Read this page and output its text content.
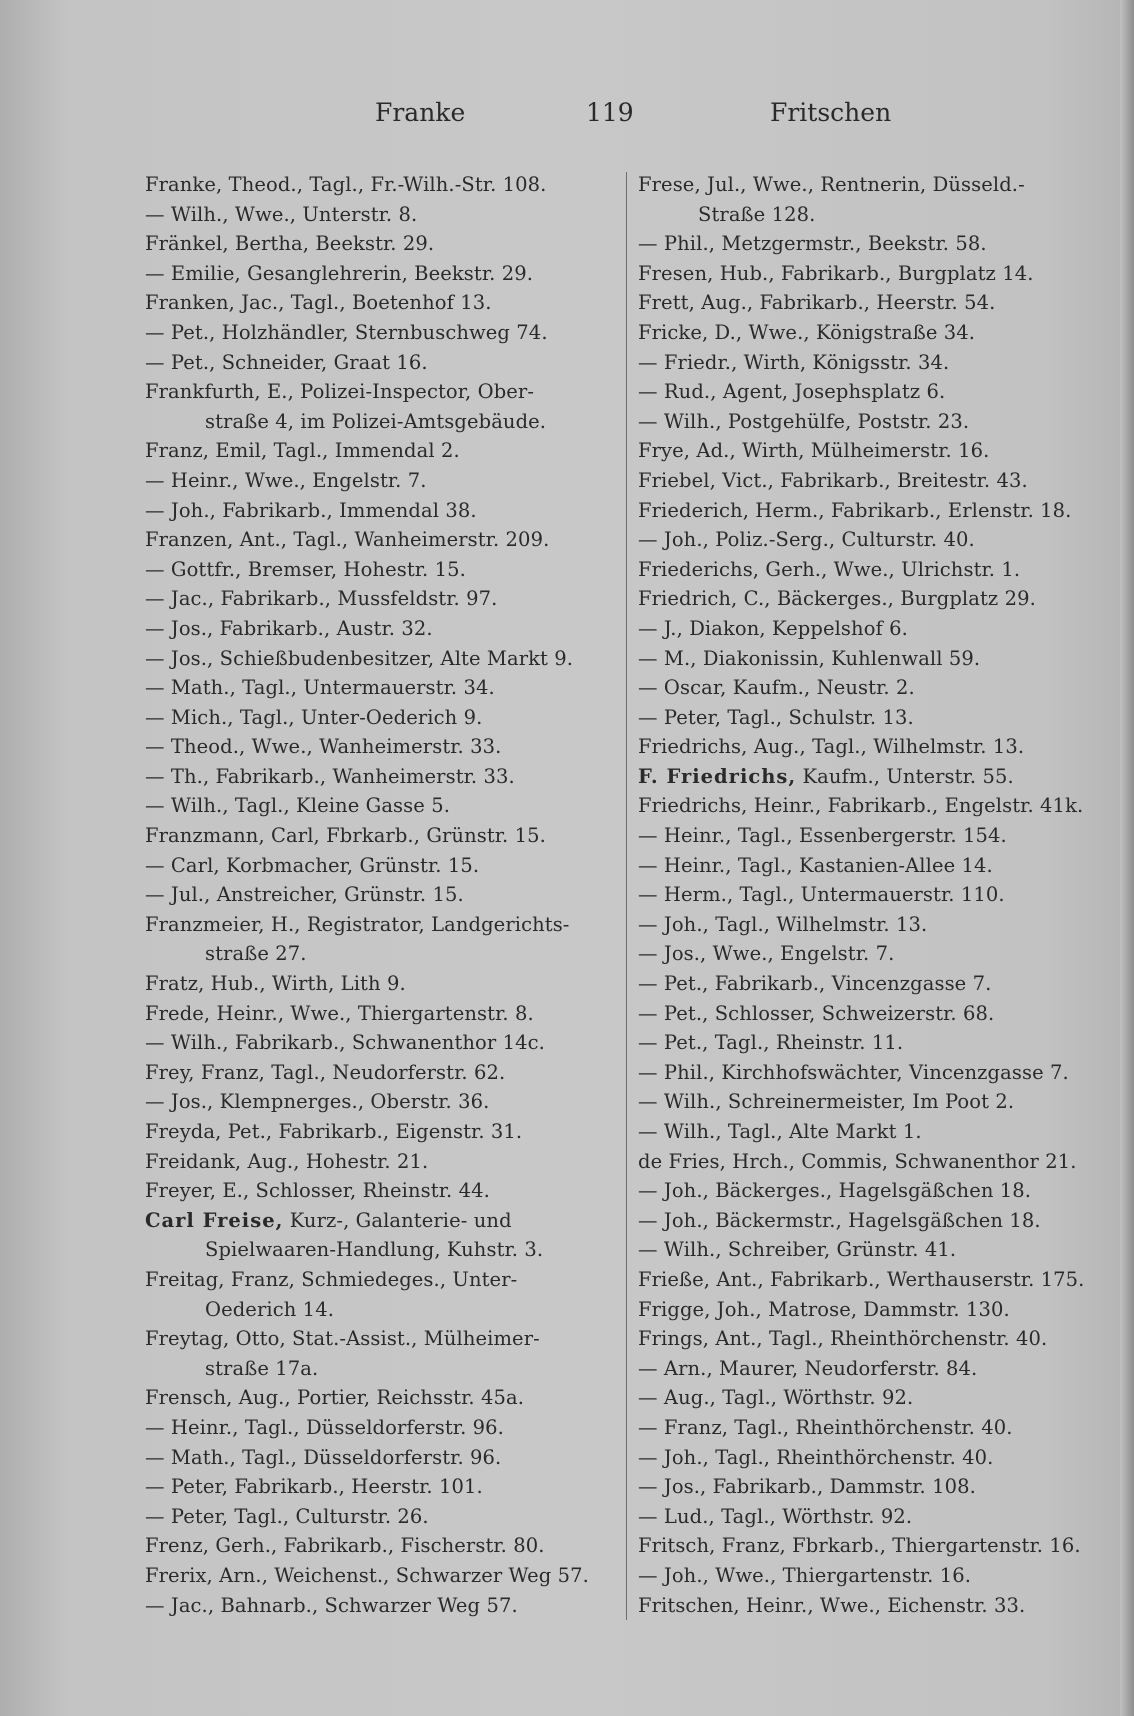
Franke	119	Fritschen
Franke, Theod., Tagl., Fr.-Wilh.-Str. 108.
— Wilh., Wwe., Unterstr. 8.
Fränkel, Bertha, Beekstr. 29.
— Emilie, Gesanglehrerin, Beekstr. 29.
Franken, Jac., Tagl., Boetenhof 13.
— Pet., Holzhändler, Sternbuschweg 74.
— Pet., Schneider, Graat 16.
Frankfurth, E., Polizei-Inspector, Ober-
straße 4, im Polizei-Amtsgebäude.
Franz, Emil, Tagl., Immendal 2.
— Heinr., Wwe., Engelstr. 7.
— Joh., Fabrikarb., Immendal 38.
Franzen, Ant., Tagl., Wanheimerstr. 209.
— Gottfr., Bremser, Hohestr. 15.
— Jac., Fabrikarb., Mussfeldstr. 97.
— Jos., Fabrikarb., Austr. 32.
— Jos., Schießbudenbesitzer, Alte Markt 9.
— Math., Tagl., Untermauerstr. 34.
— Mich., Tagl., Unter-Oederich 9.
— Theod., Wwe., Wanheimerstr. 33.
— Th., Fabrikarb., Wanheimerstr. 33.
— Wilh., Tagl., Kleine Gasse 5.
Franzmann, Carl, Fbrkarb., Grünstr. 15.
— Carl, Korbmacher, Grünstr. 15.
— Jul., Anstreicher, Grünstr. 15.
Franzmeier, H., Registrator, Landgerichts-
straße 27.
Fratz, Hub., Wirth, Lith 9.
Frede, Heinr., Wwe., Thiergartenstr. 8.
— Wilh., Fabrikarb., Schwanenthor 14c.
Frey, Franz, Tagl., Neudorferstr. 62.
— Jos., Klempnerges., Oberstr. 36.
Freyda, Pet., Fabrikarb., Eigenstr. 31.
Freidank, Aug., Hohestr. 21.
Freyer, E., Schlosser, Rheinstr. 44.
Carl Freise, Kurz-, Galanterie- und
Spielwaaren-Handlung, Kuhstr. 3.
Freitag, Franz, Schmiedeges., Unter-
Oederich 14.
Freytag, Otto, Stat.-Assist., Mülheimer-
straße 17a.
Frensch, Aug., Portier, Reichsstr. 45a.
— Heinr., Tagl., Düsseldorferstr. 96.
— Math., Tagl., Düsseldorferstr. 96.
— Peter, Fabrikarb., Heerstr. 101.
— Peter, Tagl., Culturstr. 26.
Frenz, Gerh., Fabrikarb., Fischerstr. 80.
Frerix, Arn., Weichenst., Schwarzer Weg 57.
— Jac., Bahnarb., Schwarzer Weg 57.
Frese, Jul., Wwe., Rentnerin, Düsseld.-
Straße 128.
— Phil., Metzgermstr., Beekstr. 58.
Fresen, Hub., Fabrikarb., Burgplatz 14.
Frett, Aug., Fabrikarb., Heerstr. 54.
Fricke, D., Wwe., Königstraße 34.
— Friedr., Wirth, Königsstr. 34.
— Rud., Agent, Josephsplatz 6.
— Wilh., Postgehülfe, Poststr. 23.
Frye, Ad., Wirth, Mülheimerstr. 16.
Friebel, Vict., Fabrikarb., Breitestr. 43.
Friederich, Herm., Fabrikarb., Erlenstr. 18.
— Joh., Poliz.-Serg., Culturstr. 40.
Friederichs, Gerh., Wwe., Ulrichstr. 1.
Friedrich, C., Bäckerges., Burgplatz 29.
— J., Diakon, Keppelshof 6.
— M., Diakonissin, Kuhlenwall 59.
— Oscar, Kaufm., Neustr. 2.
— Peter, Tagl., Schulstr. 13.
Friedrichs, Aug., Tagl., Wilhelmstr. 13.
F. Friedrichs, Kaufm., Unterstr. 55.
Friedrichs, Heinr., Fabrikarb., Engelstr. 41k.
— Heinr., Tagl., Essenbergerstr. 154.
— Heinr., Tagl., Kastanien-Allee 14.
— Herm., Tagl., Untermauerstr. 110.
— Joh., Tagl., Wilhelmstr. 13.
— Jos., Wwe., Engelstr. 7.
— Pet., Fabrikarb., Vincenzgasse 7.
— Pet., Schlosser, Schweizerstr. 68.
— Pet., Tagl., Rheinstr. 11.
— Phil., Kirchhofswächter, Vincenzgasse 7.
— Wilh., Schreinermeister, Im Poot 2.
— Wilh., Tagl., Alte Markt 1.
de Fries, Hrch., Commis, Schwanenthor 21.
— Joh., Bäckerges., Hagelsgäßchen 18.
— Joh., Bäckermstr., Hagelsgäßchen 18.
— Wilh., Schreiber, Grünstr. 41.
Frieße, Ant., Fabrikarb., Werthauserstr. 175.
Frigge, Joh., Matrose, Dammstr. 130.
Frings, Ant., Tagl., Rheinthörchenstr. 40.
— Arn., Maurer, Neudorferstr. 84.
— Aug., Tagl., Wörthstr. 92.
— Franz, Tagl., Rheinthörchenstr. 40.
— Joh., Tagl., Rheinthörchenstr. 40.
— Jos., Fabrikarb., Dammstr. 108.
— Lud., Tagl., Wörthstr. 92.
Fritsch, Franz, Fbrkarb., Thiergartenstr. 16.
— Joh., Wwe., Thiergartenstr. 16.
Fritschen, Heinr., Wwe., Eichenstr. 33.
